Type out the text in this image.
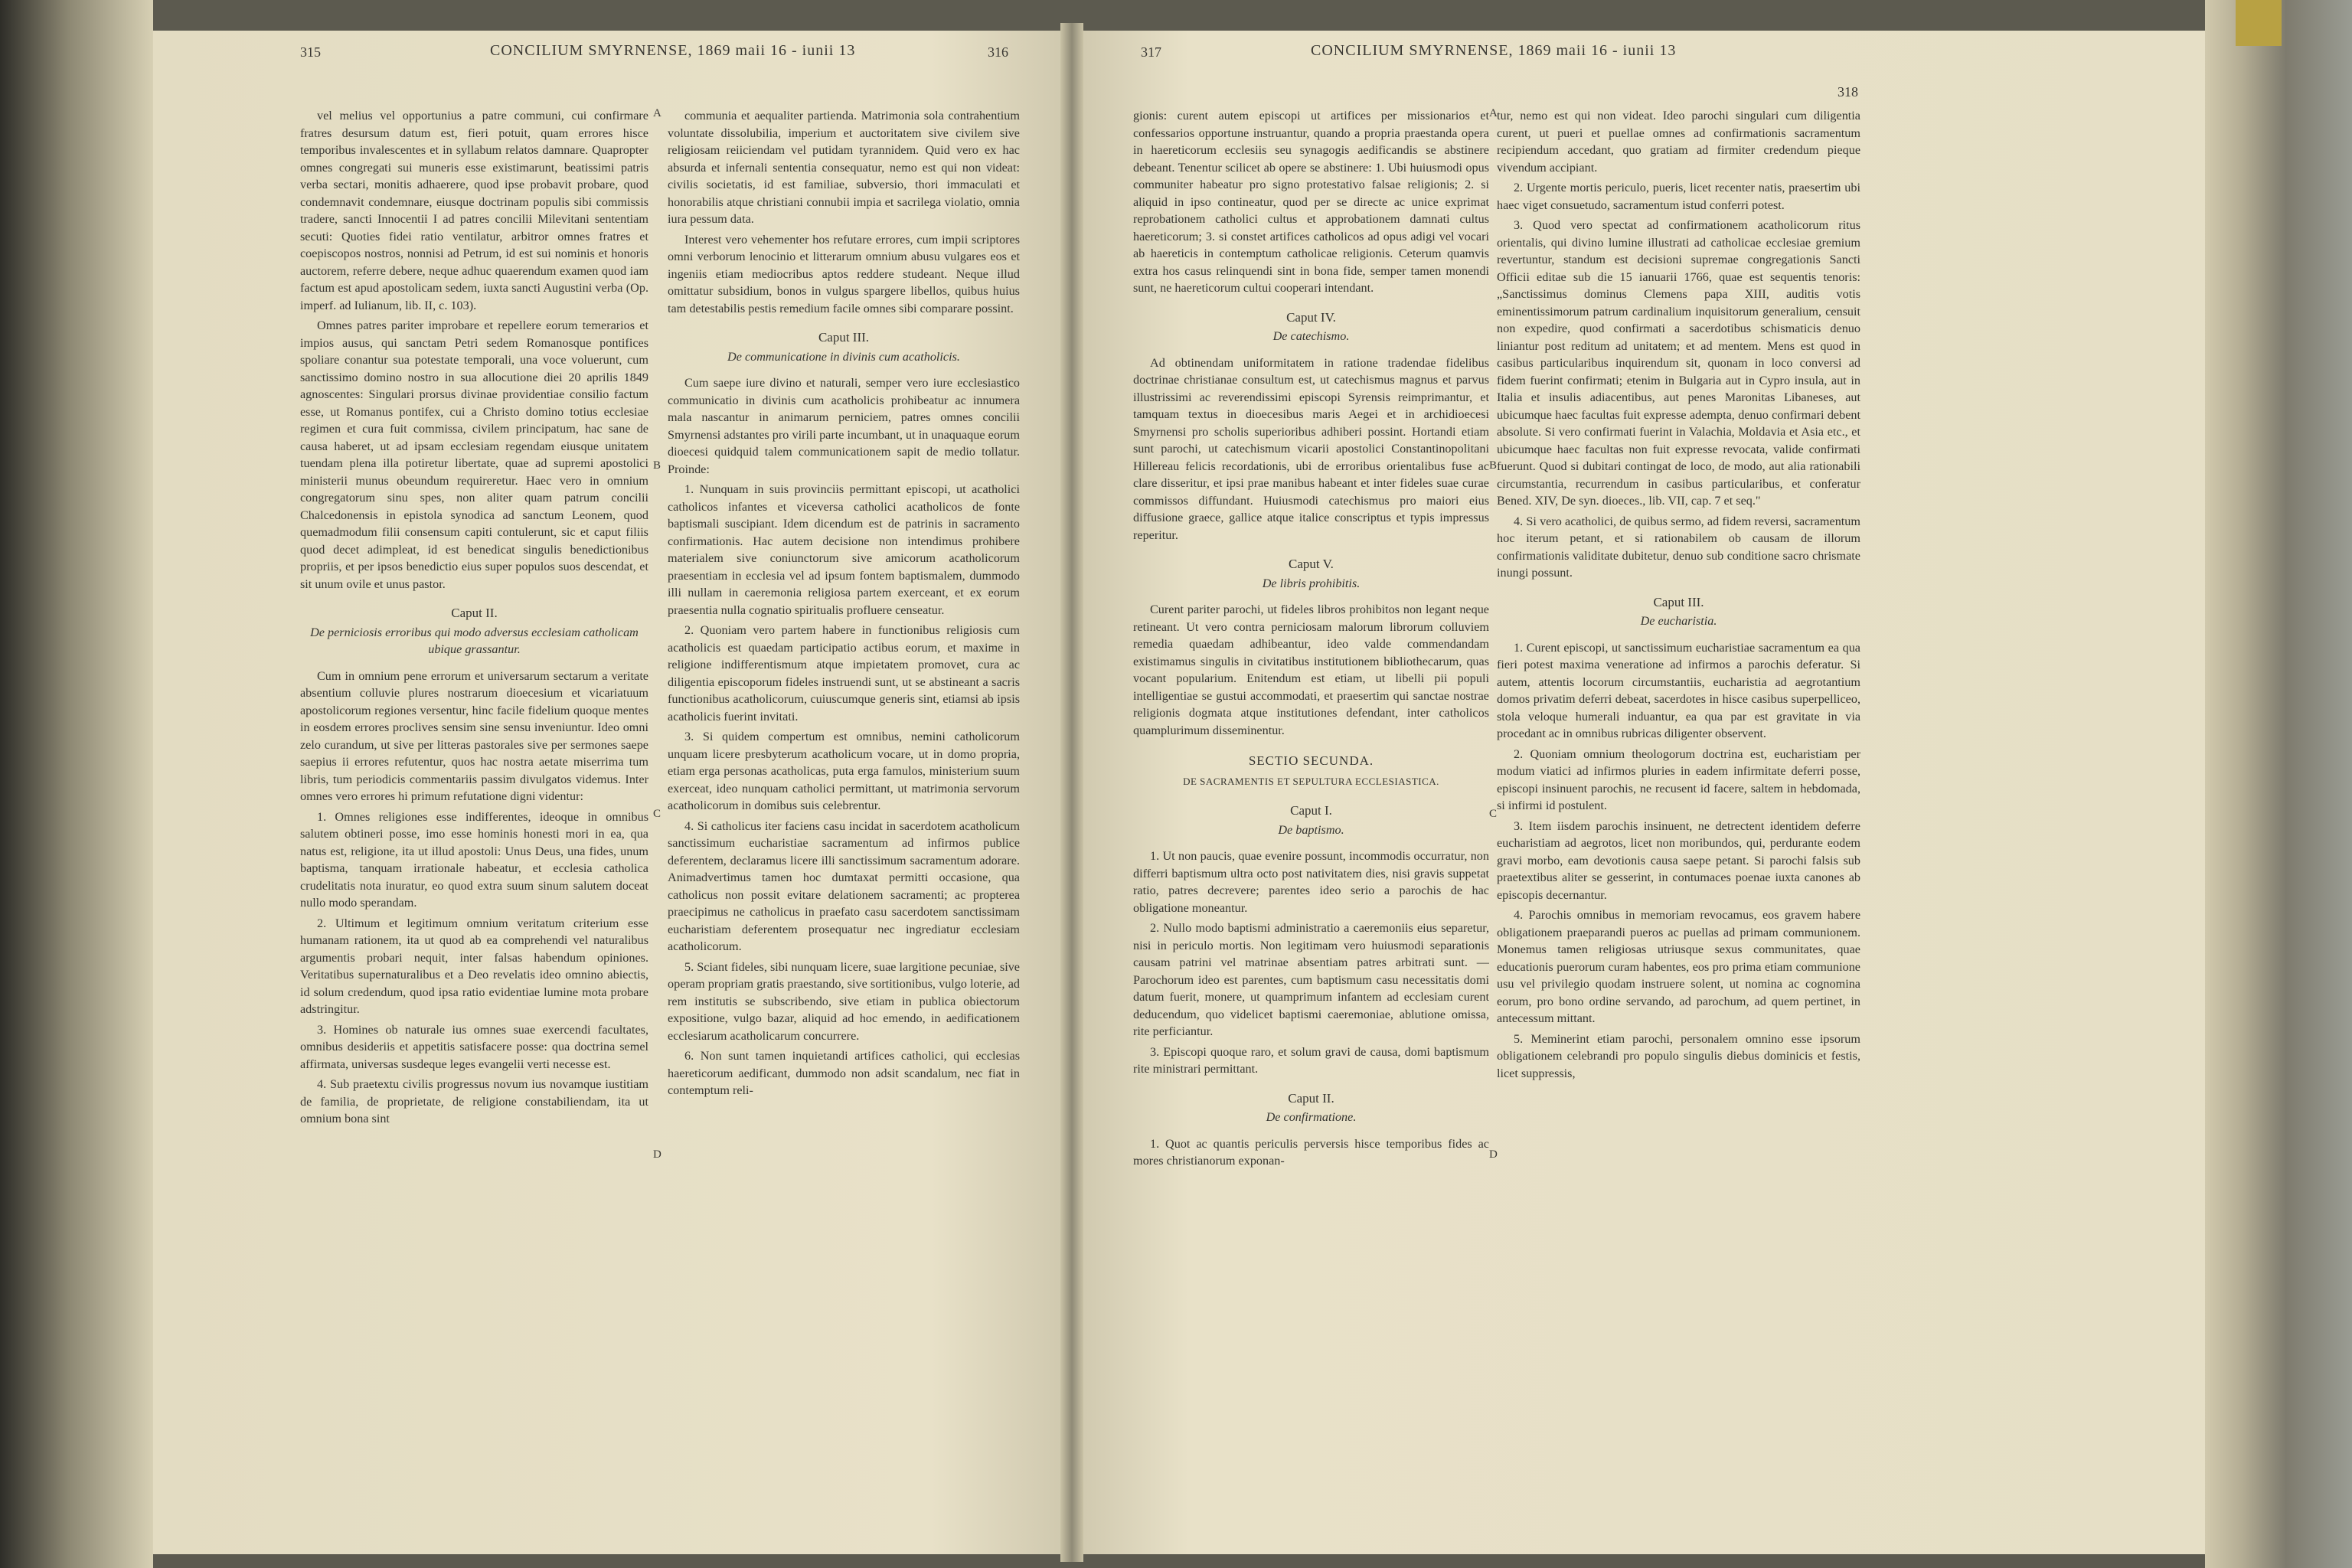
315	CONCILIUM SMYRNENSE, 1869 maii 16 - iunii 13	316	317	CONCILIUM SMYRNENSE, 1869 maii 16 - iunii 13
318

vel melius vel opportunius a patre communi, cui confirmare fratres desursum datum est, fieri potuit, quam errores hisce temporibus invalescentes et in syllabum relatos damnare. Quapropter omnes congregati sui muneris esse existimarunt, beatissimi patris verba sectari, monitis adhaerere, quod ipse probavit probare, quod condemnavit condemnare, eiusque doctrinam populis sibi commissis tradere, sancti Innocentii I ad patres concilii Milevitani sententiam secuti: Quoties fidei ratio ventilatur, arbitror omnes fratres et coepiscopos nostros, nonnisi ad Petrum, id est sui nominis et honoris auctorem, referre debere, neque adhuc quaerendum examen quod iam factum est apud apostolicam sedem, iuxta sancti Augustini verba (Op. imperf. ad Iulianum, lib. II, c. 103).

Omnes patres pariter improbare et repellere eorum temerarios et impios ausus, qui sanctam Petri sedem Romanosque pontifices spoliare conantur sua potestate temporali, una voce voluerunt, cum sanctissimo domino nostro in sua allocutione diei 20 aprilis 1849 agnoscentes: Singulari prorsus divinae providentiae consilio factum esse, ut Romanus pontifex, cui a Christo domino totius ecclesiae regimen et cura fuit commissa, civilem principatum, hac sane de causa haberet, ut ad ipsam ecclesiam regendam eiusque unitatem tuendam plena illa potiretur libertate, quae ad supremi apostolici ministerii munus obeundum requireretur. Haec vero in omnium congregatorum sinu spes, non aliter quam patrum concilii Chalcedonensis in epistola synodica ad sanctum Leonem, quod quemadmodum filii consensum capiti contulerunt, sic et caput filiis quod decet adimpleat, id est benedicat singulis benedictionibus propriis, et per ipsos benedictio eius super populos suos descendat, et sit unum ovile et unus pastor.

Caput II.

De perniciosis erroribus qui modo adversus ecclesiam catholicam ubique grassantur.

Cum in omnium pene errorum et universarum sectarum a veritate absentium colluvie plures nostrarum dioecesium et vicariatuum apostolicorum regiones versentur, hinc facile fidelium quoque mentes in eosdem errores proclives sensim sine sensu inveniuntur. Ideo omni zelo curandum, ut sive per litteras pastorales sive per sermones saepe saepius ii errores refutentur, quos hac nostra aetate miserrima tum libris, tum periodicis commentariis passim divulgatos videmus. Inter omnes vero errores hi primum refutatione digni videntur:

1. Omnes religiones esse indifferentes, ideoque in omnibus salutem obtineri posse, imo esse hominis honesti mori in ea, qua natus est, religione, ita ut illud apostoli: Unus Deus, una fides, unum baptisma, tanquam irrationale habeatur, et ecclesia catholica crudelitatis nota inuratur, eo quod extra suum sinum salutem doceat nullo modo sperandam.

2. Ultimum et legitimum omnium veritatum criterium esse humanam rationem, ita ut quod ab ea comprehendi vel naturalibus argumentis probari nequit, inter falsas habendum opiniones. Veritatibus supernaturalibus et a Deo revelatis ideo omnino abiectis, id solum credendum, quod ipsa ratio evidentiae lumine mota probare adstringitur.

3. Homines ob naturale ius omnes suae exercendi facultates, omnibus desideriis et appetitis satisfacere posse: qua doctrina semel affirmata, universas susdeque leges evangelii verti necesse est.

4. Sub praetextu civilis progressus novum ius novamque iustitiam de familia, de proprietate, de religione constabiliendam, ita ut omnium bona sint

communia et aequaliter partienda. Matrimonia sola contrahentium voluntate dissolubilia, imperium et auctoritatem sive civilem sive religiosam reiiciendam vel putidam tyrannidem. Quid vero ex hac absurda et infernali sententia consequatur, nemo est qui non videat: civilis societatis, id est familiae, subversio, thori immaculati et honorabilis atque christiani connubii impia et sacrilega violatio, omnia iura pessum data.

Interest vero vehementer hos refutare errores, cum impii scriptores omni verborum lenocinio et litterarum omnium abusu vulgares eos et ingeniis etiam mediocribus aptos reddere studeant. Neque illud omittatur subsidium, bonos in vulgus spargere libellos, quibus huius tam detestabilis pestis remedium facile omnes sibi comparare possint.

Caput III.

De communicatione in divinis cum acatholicis.

Cum saepe iure divino et naturali, semper vero iure ecclesiastico communicatio in divinis cum acatholicis prohibeatur ac innumera mala nascantur in animarum perniciem, patres omnes concilii Smyrnensi adstantes pro virili parte incumbant, ut in unaquaque eorum dioecesi quidquid talem communicationem sapit de medio tollatur. Proinde:

1. Nunquam in suis provinciis permittant episcopi, ut acatholici catholicos infantes et viceversa catholici acatholicos de fonte baptismali suscipiant. Idem dicendum est de patrinis in sacramento confirmationis. Hac autem decisione non intendimus prohibere materialem sive coniunctorum sive amicorum acatholicorum praesentiam in ecclesia vel ad ipsum fontem baptismalem, dummodo illi nullam in caeremonia religiosa partem exerceant, et ex eorum praesentia nulla cognatio spiritualis profluere censeatur.

2. Quoniam vero partem habere in functionibus religiosis cum acatholicis est quaedam participatio actibus eorum, et maxime in religione indifferentismum atque impietatem promovet, cura ac diligentia episcoporum fideles instruendi sunt, ut se abstineant a sacris functionibus acatholicorum, cuiuscumque generis sint, etiamsi ab ipsis acatholicis fuerint invitati.

3. Si quidem compertum est omnibus, nemini catholicorum unquam licere presbyterum acatholicum vocare, ut in domo propria, etiam erga personas acatholicas, puta erga famulos, ministerium suum exerceat, ideo nunquam catholici permittant, ut matrimonia servorum acatholicorum in domibus suis celebrentur.

4. Si catholicus iter faciens casu incidat in sacerdotem acatholicum sanctissimum eucharistiae sacramentum ad infirmos publice deferentem, declaramus licere illi sanctissimum sacramentum adorare. Animadvertimus tamen hoc dumtaxat permitti occasione, qua catholicus non possit evitare delationem sacramenti; ac propterea praecipimus ne catholicus in praefato casu sacerdotem sanctissimam eucharistiam deferentem prosequatur nec ingrediatur ecclesiam acatholicorum.

5. Sciant fideles, sibi nunquam licere, suae largitione pecuniae, sive operam propriam gratis praestando, sive sortitionibus, vulgo loterie, ad rem institutis se subscribendo, sive etiam in publica obiectorum expositione, vulgo bazar, aliquid ad hoc emendo, in aedificationem ecclesiarum acatholicarum concurrere.

6. Non sunt tamen inquietandi artifices catholici, qui ecclesias haereticorum aedificant, dummodo non adsit scandalum, nec fiat in contemptum reli-

gionis: curent autem episcopi ut artifices per missionarios et confessarios opportune instruantur, quando a propria praestanda opera in haereticorum ecclesiis seu synagogis aedificandis se abstinere debeant. Tenentur scilicet ab opere se abstinere: 1. Ubi huiusmodi opus communiter habeatur pro signo protestativo falsae religionis; 2. si aliquid in ipso contineatur, quod per se directe ac unice exprimat reprobationem catholici cultus et approbationem damnati cultus haereticorum; 3. si constet artifices catholicos ad opus adigi vel vocari ab haereticis in contemptum catholicae religionis. Ceterum quamvis extra hos casus relinquendi sint in bona fide, semper tamen monendi sunt, ne haereticorum cultui cooperari intendant.

Caput IV.

De catechismo.

Ad obtinendam uniformitatem in ratione tradendae fidelibus doctrinae christianae consultum est, ut catechismus magnus et parvus illustrissimi ac reverendissimi episcopi Syrensis reimprimantur, et tamquam textus in dioecesibus maris Aegei et in archidioecesi Smyrnensi pro scholis superioribus adhiberi possint. Hortandi etiam sunt parochi, ut catechismum vicarii apostolici Constantinopolitani Hillereau felicis recordationis, ubi de erroribus orientalibus fuse ac clare disseritur, et ipsi prae manibus habeant et inter fideles suae curae commissos diffundant. Huiusmodi catechismus pro maiori eius diffusione graece, gallice atque italice conscriptus et typis impressus reperitur.

Caput V.

De libris prohibitis.

Curent pariter parochi, ut fideles libros prohibitos non legant neque retineant. Ut vero contra perniciosam malorum librorum colluviem remedia quaedam adhibeantur, ideo valde commendandam existimamus singulis in civitatibus institutionem bibliothecarum, quas vocant popularium. Enitendum est etiam, ut libelli pii populi intelligentiae se gustui accommodati, et praesertim qui sanctae nostrae religionis dogmata atque institutiones defendant, inter catholicos quamplurimum disseminentur.

SECTIO SECUNDA.

DE SACRAMENTIS ET SEPULTURA ECCLESIASTICA.

Caput I.

De baptismo.

1. Ut non paucis, quae evenire possunt, incommodis occurratur, non differri baptismum ultra octo post nativitatem dies, nisi gravis suppetat ratio, patres decrevere; parentes ideo serio a parochis de hac obligatione moneantur.

2. Nullo modo baptismi administratio a caeremoniis eius separetur, nisi in periculo mortis. Non legitimam vero huiusmodi separationis causam patrini vel matrinae absentiam patres arbitrati sunt. — Parochorum ideo est parentes, cum baptismum casu necessitatis domi datum fuerit, monere, ut quamprimum infantem ad ecclesiam curent deducendum, quo videlicet baptismi caeremoniae, ablutione omissa, rite perficiantur.

3. Episcopi quoque raro, et solum gravi de causa, domi baptismum rite ministrari permittant.

Caput II.

De confirmatione.

1. Quot ac quantis periculis perversis hisce temporibus fides ac mores christianorum exponan-

tur, nemo est qui non videat. Ideo parochi singulari cum diligentia curent, ut pueri et puellae omnes ad confirmationis sacramentum recipiendum accedant, quo gratiam ad firmiter credendum pieque vivendum accipiant.

2. Urgente mortis periculo, pueris, licet recenter natis, praesertim ubi haec viget consuetudo, sacramentum istud conferri potest.

3. Quod vero spectat ad confirmationem acatholicorum ritus orientalis, qui divino lumine illustrati ad catholicae ecclesiae gremium revertuntur, standum est decisioni supremae congregationis Sancti Officii editae sub die 15 ianuarii 1766, quae est sequentis tenoris: „Sanctissimus dominus Clemens papa XIII, auditis votis eminentissimorum patrum cardinalium inquisitorum generalium, censuit non expedire, quod confirmati a sacerdotibus schismaticis denuo liniantur post reditum ad unitatem; et ad mentem. Mens est quod in casibus particularibus inquirendum sit, quonam in loco conversi ad fidem fuerint confirmati; etenim in Bulgaria aut in Cypro insula, aut in Italia et insulis adiacentibus, aut penes Maronitas Libaneses, aut ubicumque haec facultas fuit expresse adempta, denuo confirmari debent absolute. Si vero confirmati fuerint in Valachia, Moldavia et Asia etc., et ubicumque haec facultas non fuit expresse revocata, valide confirmati fuerunt. Quod si dubitari contingat de loco, de modo, aut alia rationabili circumstantia, recurrendum in casibus particularibus, et conferatur Bened. XIV, De syn. dioeces., lib. VII, cap. 7 et seq."

4. Si vero acatholici, de quibus sermo, ad fidem reversi, sacramentum hoc iterum petant, et si rationabilem ob causam de illorum confirmationis validitate dubitetur, denuo sub conditione sacro chrismate inungi possunt.

Caput III.

De eucharistia.

1. Curent episcopi, ut sanctissimum eucharistiae sacramentum ea qua fieri potest maxima veneratione ad infirmos a parochis deferatur. Si autem, attentis locorum circumstantiis, eucharistia ad aegrotantium domos privatim deferri debeat, sacerdotes in hisce casibus superpelliceo, stola veloque humerali induantur, ea qua par est gravitate in via procedant ac in omnibus rubricas diligenter observent.

2. Quoniam omnium theologorum doctrina est, eucharistiam per modum viatici ad infirmos pluries in eadem infirmitate deferri posse, episcopi insinuent parochis, ne recusent id facere, saltem in hebdomada, si infirmi id postulent.

3. Item iisdem parochis insinuent, ne detrectent identidem deferre eucharistiam ad aegrotos, licet non moribundos, qui, perdurante eodem gravi morbo, eam devotionis causa saepe petant. Si parochi falsis sub praetextibus aliter se gesserint, in contumaces poenae iuxta canones ab episcopis decernantur.

4. Parochis omnibus in memoriam revocamus, eos gravem habere obligationem praeparandi pueros ac puellas ad primam communionem. Monemus tamen religiosas utriusque sexus communitates, quae educationis puerorum curam habentes, eos pro prima etiam communione usu vel privilegio quodam instruere solent, ut nomina ac cognomina eorum, pro bono ordine servando, ad parochum, ad quem pertinet, in antecessum mittant.

5. Meminerint etiam parochi, personalem omnino esse ipsorum obligationem celebrandi pro populo singulis diebus dominicis et festis, licet suppressis,

A
B
C
D
A
B
C
D
